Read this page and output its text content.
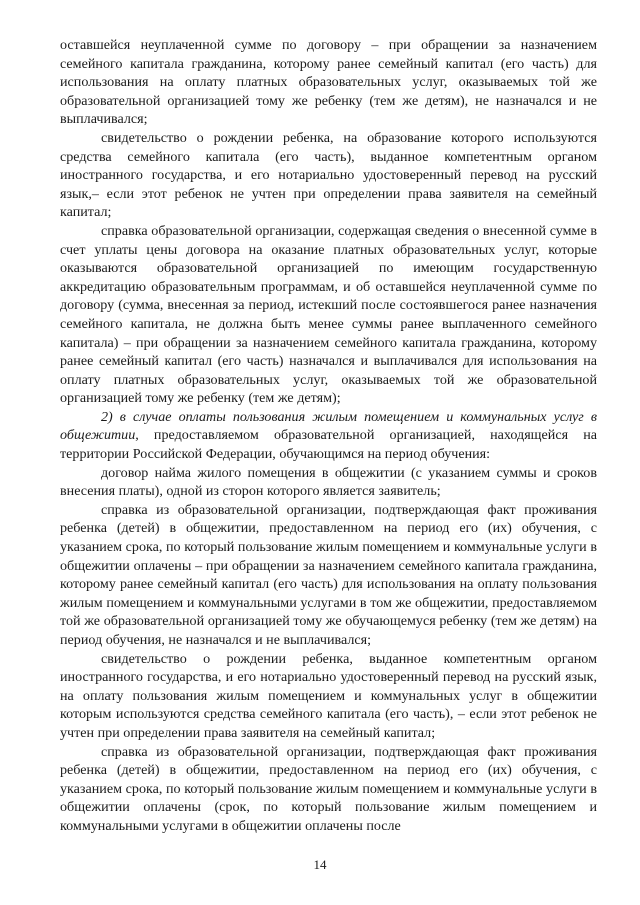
оставшейся неуплаченной сумме по договору – при обращении за назначением семейного капитала гражданина, которому ранее семейный капитал (его часть) для использования на оплату платных образовательных услуг, оказываемых той же образовательной организацией тому же ребенку (тем же детям), не назначался и не выплачивался;

свидетельство о рождении ребенка, на образование которого используются средства семейного капитала (его часть), выданное компетентным органом иностранного государства, и его нотариально удостоверенный перевод на русский язык,– если этот ребенок не учтен при определении права заявителя на семейный капитал;

справка образовательной организации, содержащая сведения о внесенной сумме в счет уплаты цены договора на оказание платных образовательных услуг, которые оказываются образовательной организацией по имеющим государственную аккредитацию образовательным программам, и об оставшейся неуплаченной сумме по договору (сумма, внесенная за период, истекший после состоявшегося ранее назначения семейного капитала, не должна быть менее суммы ранее выплаченного семейного капитала) – при обращении за назначением семейного капитала гражданина, которому ранее семейный капитал (его часть) назначался и выплачивался для использования на оплату платных образовательных услуг, оказываемых той же образовательной организацией тому же ребенку (тем же детям);

2) в случае оплаты пользования жилым помещением и коммунальных услуг в общежитии, предоставляемом образовательной организацией, находящейся на территории Российской Федерации, обучающимся на период обучения:

договор найма жилого помещения в общежитии (с указанием суммы и сроков внесения платы), одной из сторон которого является заявитель;

справка из образовательной организации, подтверждающая факт проживания ребенка (детей) в общежитии, предоставленном на период его (их) обучения, с указанием срока, по который пользование жилым помещением и коммунальные услуги в общежитии оплачены – при обращении за назначением семейного капитала гражданина, которому ранее семейный капитал (его часть) для использования на оплату пользования жилым помещением и коммунальными услугами в том же общежитии, предоставляемом той же образовательной организацией тому же обучающемуся ребенку (тем же детям) на период обучения, не назначался и не выплачивался;

свидетельство о рождении ребенка, выданное компетентным органом иностранного государства, и его нотариально удостоверенный перевод на русский язык, на оплату пользования жилым помещением и коммунальных услуг в общежитии которым используются средства семейного капитала (его часть), – если этот ребенок не учтен при определении права заявителя на семейный капитал;

справка из образовательной организации, подтверждающая факт проживания ребенка (детей) в общежитии, предоставленном на период его (их) обучения, с указанием срока, по который пользование жилым помещением и коммунальные услуги в общежитии оплачены (срок, по который пользование жилым помещением и коммунальными услугами в общежитии оплачены после

14
